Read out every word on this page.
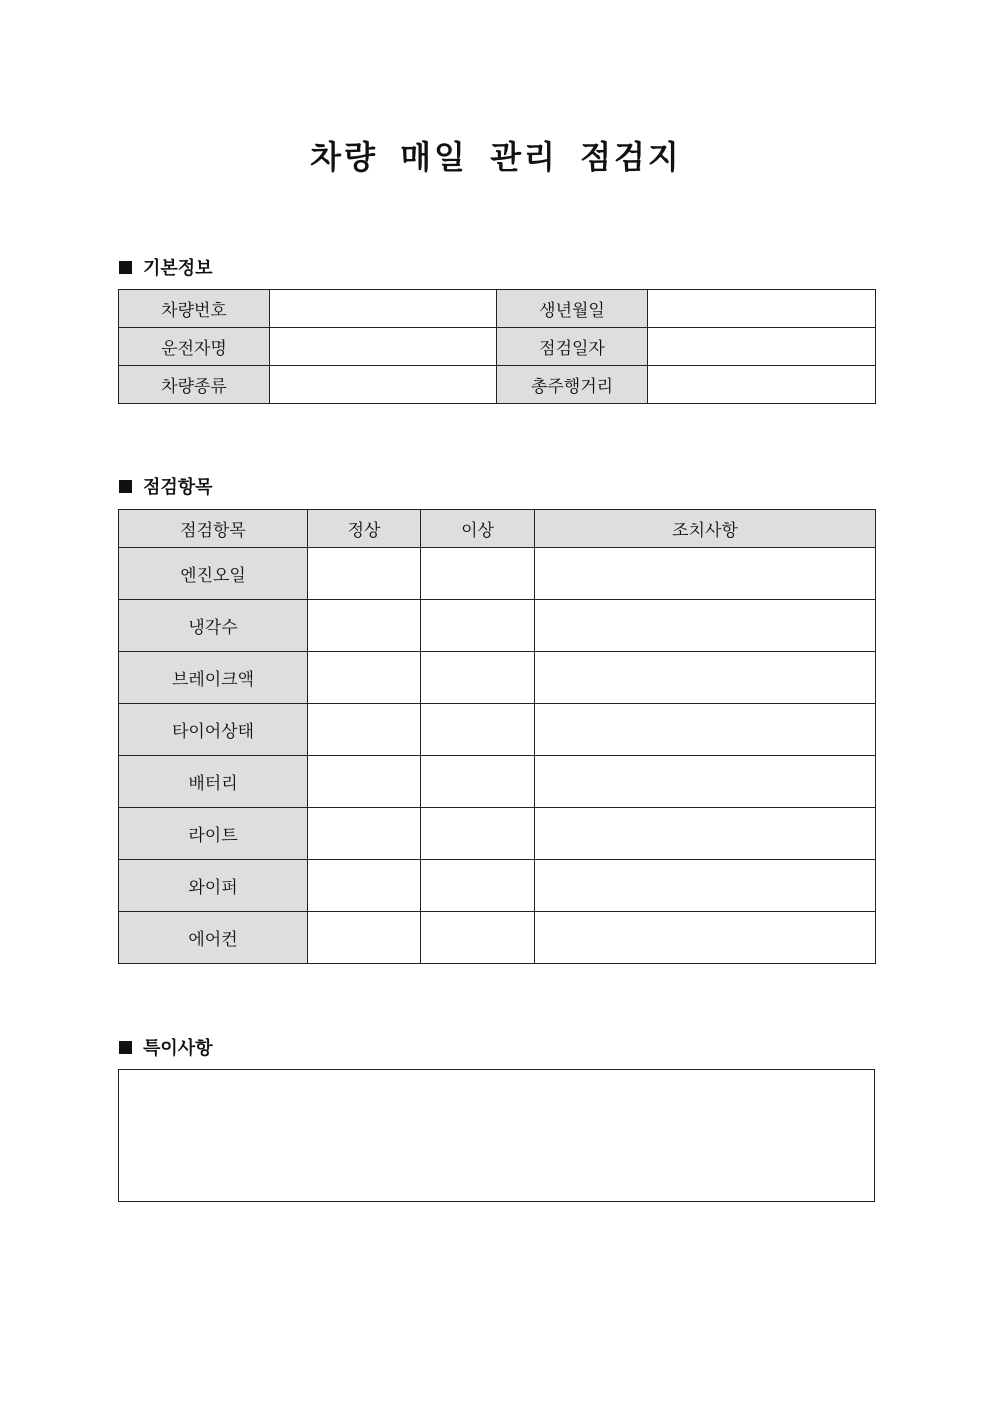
차량 매일 관리 점검지
기본정보
차량번호		생년월일	
운전자명		점검일자	
차량종류		총주행거리	
점검항목
점검항목	정상	이상	조치사항
엔진오일			
냉각수			
브레이크액			
타이어상태			
배터리			
라이트			
와이퍼			
에어컨			
특이사항
